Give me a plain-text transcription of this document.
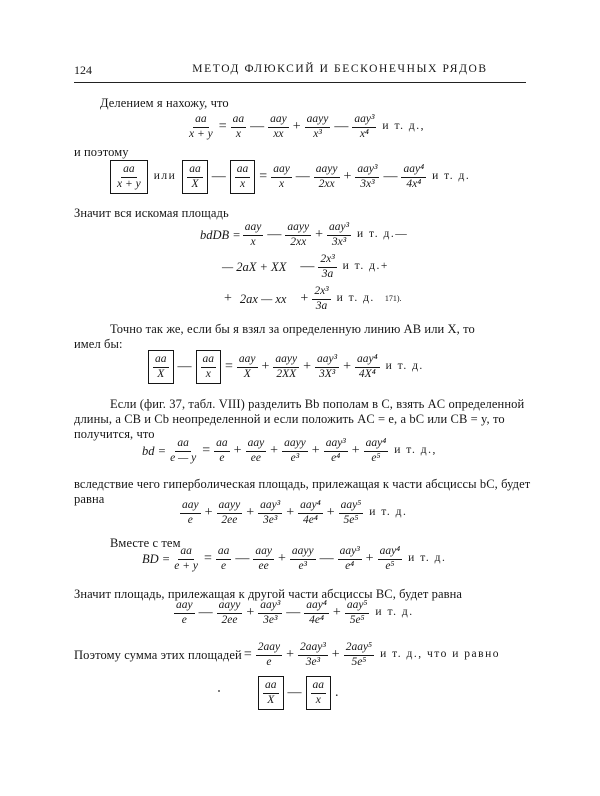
124	МЕТОД ФЛЮКСИЙ И БЕСКОНЕЧНЫХ РЯДОВ
Делением я нахожу, что
$\frac{aa}{x + y} = \frac{aa}{x}$ — $\frac{\text{aay}}{xx} + \frac{\text{aayy}}{\text{x³}}$ — $\frac{\text{aay³}}{\text{x⁴}}$ и т. д.,
и поэтому
$\frac{aa}{x + y}$ или $\frac{aa}{X}$ — $\frac{aa}{x} = \frac{\text{aay}}{x}$ — $\frac{\text{aayy}}{2xx} + \frac{\text{aay³}}{\text{3x³}}$ — $\frac{\text{aay⁴}}{\text{4x⁴}}$ и т. д.
Значит вся искомая площадь
bdDB = $\frac{\text{aay}}{x}$ — $\frac{\text{aayy}}{2xx} + \frac{\text{aay³}}{\text{3x³}}$ и т. д.—
— 2aX + XX — $\frac{\text{2x³}}{3a}$ и т. д.+
+ 2ax — xx + $\frac{\text{2x³}}{3a}$ и т. д. 171).
Точно так же, если бы я взял за определенную линию AB или X, то
имел бы:
$\frac{aa}{X}$ — $\frac{aa}{x} = \frac{\text{aay}}{X} + \frac{\text{aayy}}{2XX} + \frac{\text{aay³}}{\text{3X³}} + \frac{\text{aay⁴}}{\text{4X⁴}}$ и т. д.
Если (фиг. 37, табл. VIII) разделить Bb пополам в C, взять AC определенной
длины, а CB и Cb неопределенной и если положить AC = e, а bC или CB = y, то
получится, что
bd = $\frac{aa}{e — y} = \frac{aa}{e} + \frac{\text{aay}}{ee} + \frac{\text{aayy}}{\text{e³}} + \frac{\text{aay³}}{\text{e⁴}} + \frac{\text{aay⁴}}{\text{e⁵}}$ и т. д.,
вследствие чего гиперболическая площадь, прилежащая к части абсциссы bC, будет
равна
$\frac{\text{aay}}{e} + \frac{\text{aayy}}{2ee} + \frac{\text{aay³}}{\text{3e³}} + \frac{\text{aay⁴}}{\text{4e⁴}} + \frac{\text{aay⁵}}{\text{5e⁵}}$ и т. д.
Вместе с тем
BD = $\frac{aa}{e + y} = \frac{aa}{e}$ — $\frac{\text{aay}}{ee} + \frac{\text{aayy}}{\text{e³}}$ — $\frac{\text{aay³}}{\text{e⁴}} + \frac{\text{aay⁴}}{\text{e⁵}}$ и т. д.
Значит площадь, прилежащая к другой части абсциссы BC, будет равна
$\frac{\text{aay}}{e}$ — $\frac{\text{aayy}}{2ee} + \frac{\text{aay³}}{\text{3e³}}$ — $\frac{\text{aay⁴}}{\text{4e⁴}} + \frac{\text{aay⁵}}{\text{5e⁵}}$ и т. д.
Поэтому сумма этих площадей = $\frac{\text{2aay}}{e} + \frac{\text{2aay³}}{\text{3e³}} + \frac{\text{2aay⁵}}{\text{5e⁵}}$ и т. д., что и равно
$\frac{aa}{X}$ — $\frac{aa}{x}$ .
